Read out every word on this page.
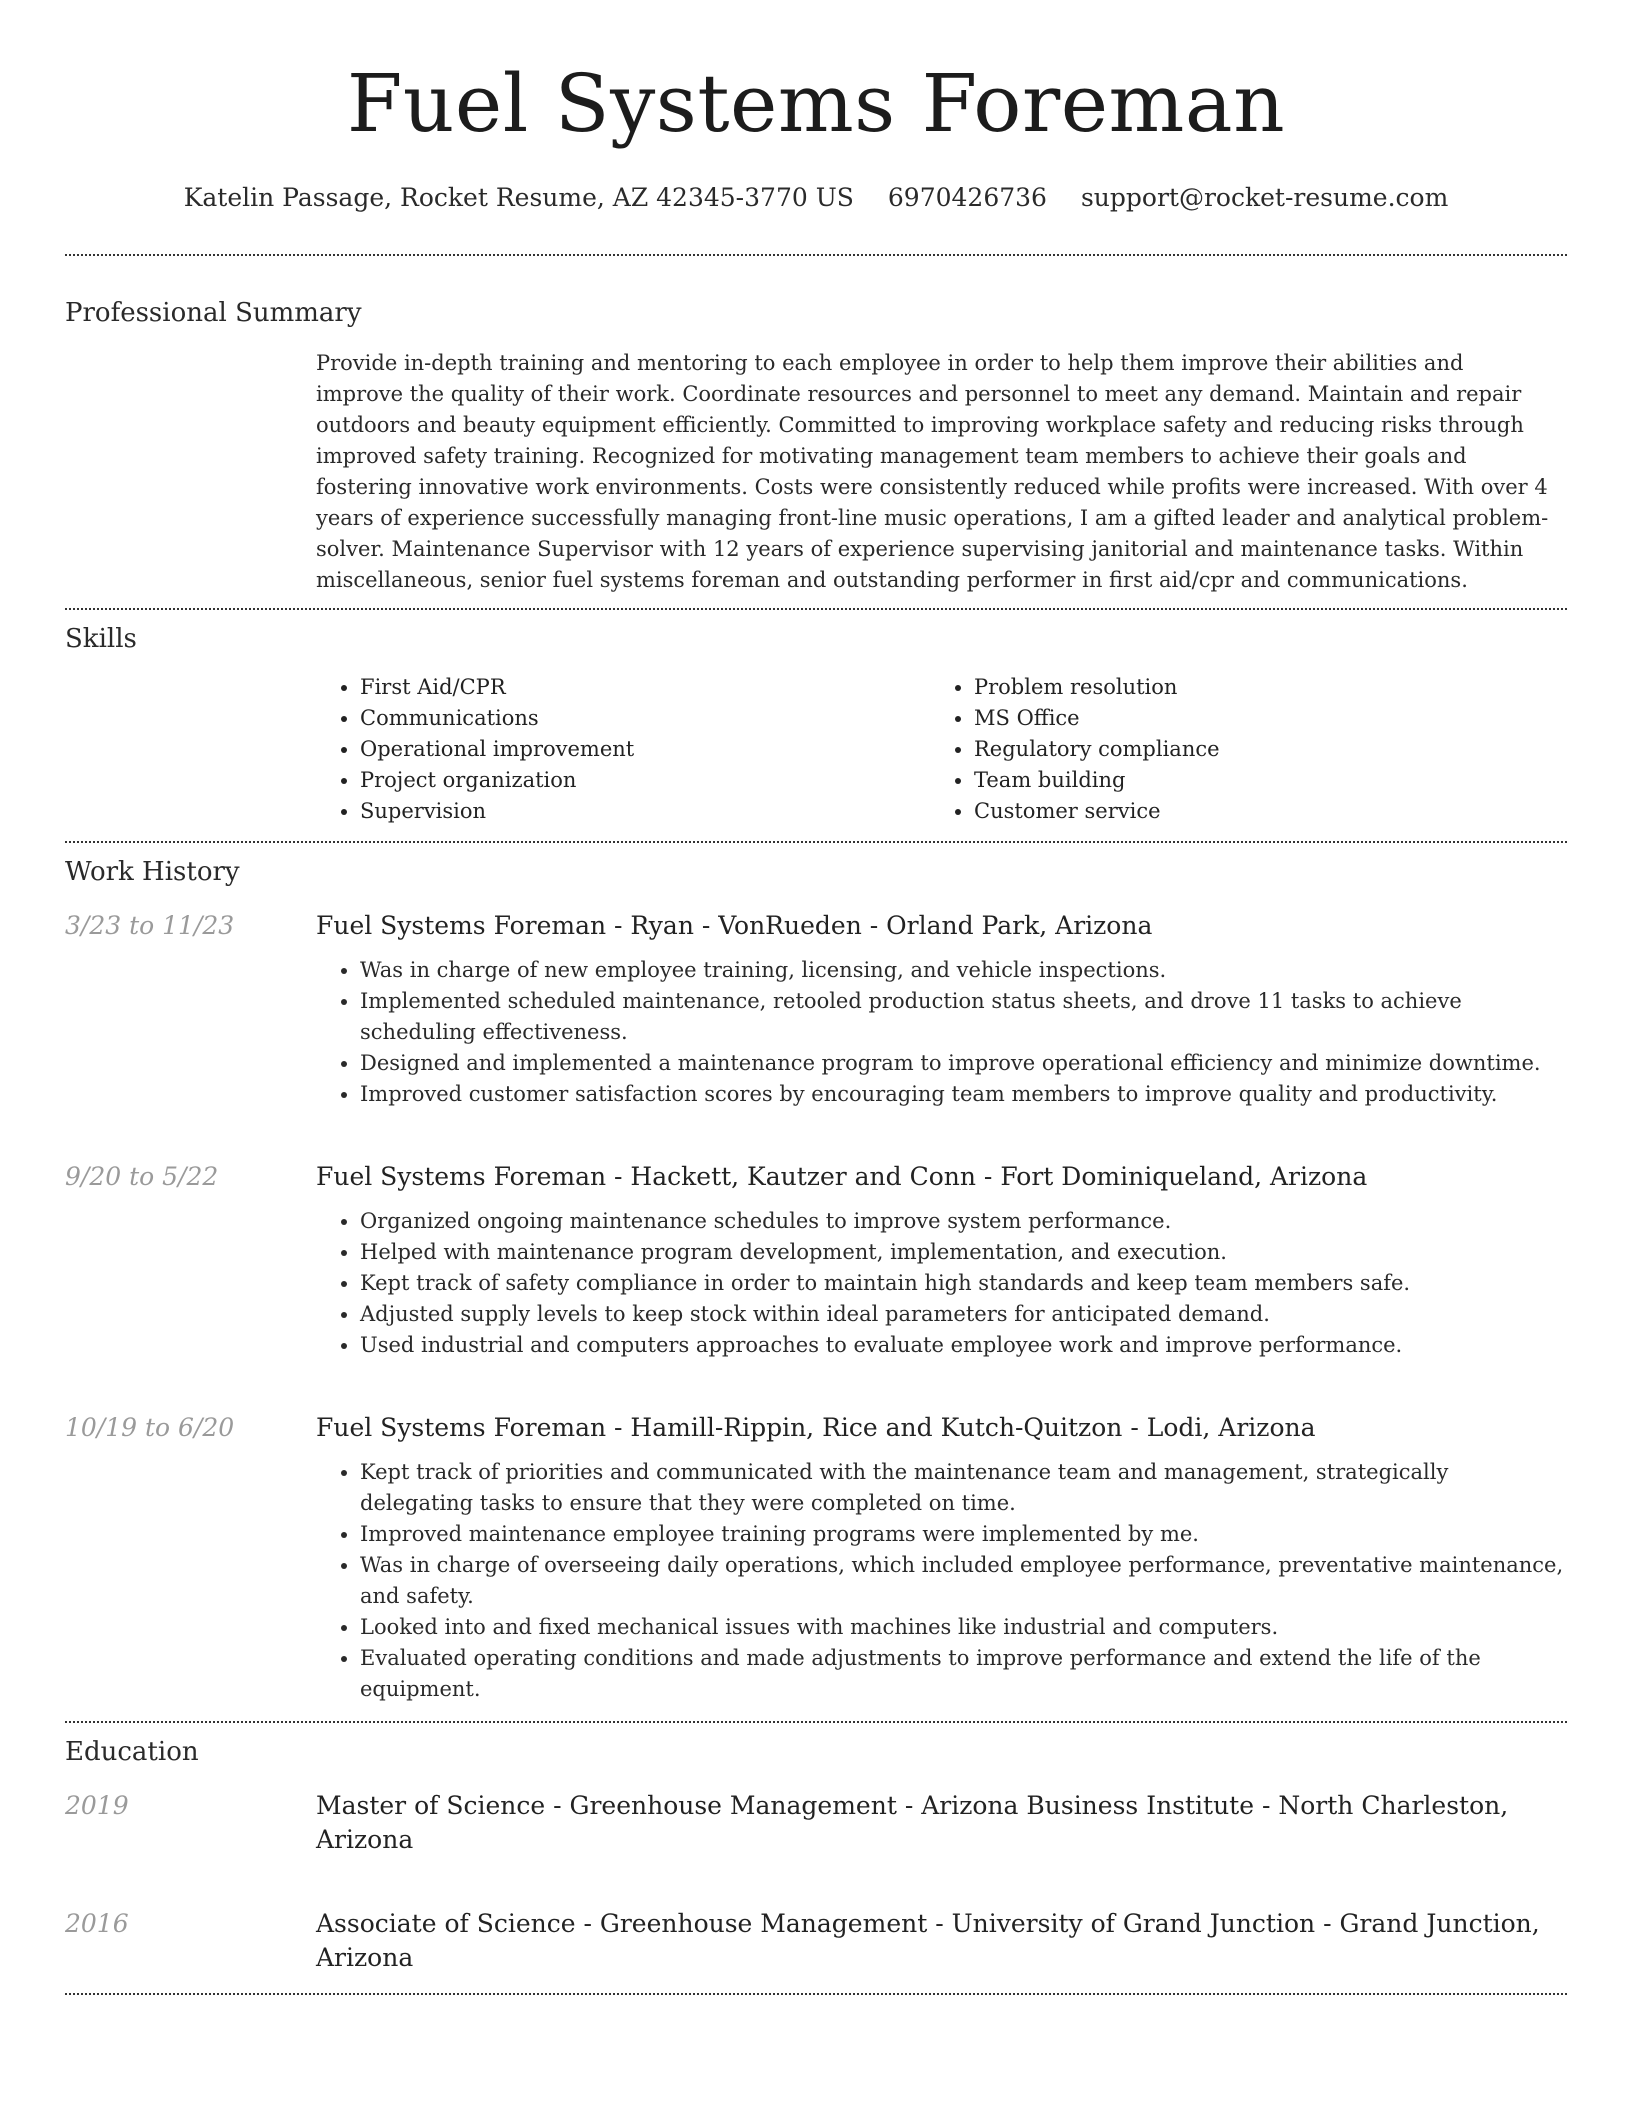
Fuel Systems Foreman
Katelin Passage, Rocket Resume, AZ 42345-3770 US 6970426736 support@rocket-resume.com
Professional Summary

Provide in-depth training and mentoring to each employee in order to help them improve their abilities and improve the quality of their work. Coordinate resources and personnel to meet any demand. Maintain and repair outdoors and beauty equipment efficiently. Committed to improving workplace safety and reducing risks through improved safety training. Recognized for motivating management team members to achieve their goals and fostering innovative work environments. Costs were consistently reduced while profits were increased. With over 4 years of experience successfully managing front-line music operations, I am a gifted leader and analytical problem-solver. Maintenance Supervisor with 12 years of experience supervising janitorial and maintenance tasks. Within miscellaneous, senior fuel systems foreman and outstanding performer in first aid/cpr and communications.

Skills
• First Aid/CPR
• Communications
• Operational improvement
• Project organization
• Supervision
• Problem resolution
• MS Office
• Regulatory compliance
• Team building
• Customer service
Work History
3/23 to 11/23	Fuel Systems Foreman - Ryan - VonRueden - Orland Park, Arizona
• Was in charge of new employee training, licensing, and vehicle inspections.
• Implemented scheduled maintenance, retooled production status sheets, and drove 11 tasks to achieve scheduling effectiveness.
• Designed and implemented a maintenance program to improve operational efficiency and minimize downtime.
• Improved customer satisfaction scores by encouraging team members to improve quality and productivity.
9/20 to 5/22	Fuel Systems Foreman - Hackett, Kautzer and Conn - Fort Dominiqueland, Arizona
• Organized ongoing maintenance schedules to improve system performance.
• Helped with maintenance program development, implementation, and execution.
• Kept track of safety compliance in order to maintain high standards and keep team members safe.
• Adjusted supply levels to keep stock within ideal parameters for anticipated demand.
• Used industrial and computers approaches to evaluate employee work and improve performance.
10/19 to 6/20	Fuel Systems Foreman - Hamill-Rippin, Rice and Kutch-Quitzon - Lodi, Arizona
• Kept track of priorities and communicated with the maintenance team and management, strategically delegating tasks to ensure that they were completed on time.
• Improved maintenance employee training programs were implemented by me.
• Was in charge of overseeing daily operations, which included employee performance, preventative maintenance, and safety.
• Looked into and fixed mechanical issues with machines like industrial and computers.
• Evaluated operating conditions and made adjustments to improve performance and extend the life of the equipment.
Education
2019	Master of Science - Greenhouse Management - Arizona Business Institute - North Charleston, Arizona
2016	Associate of Science - Greenhouse Management - University of Grand Junction - Grand Junction, Arizona
